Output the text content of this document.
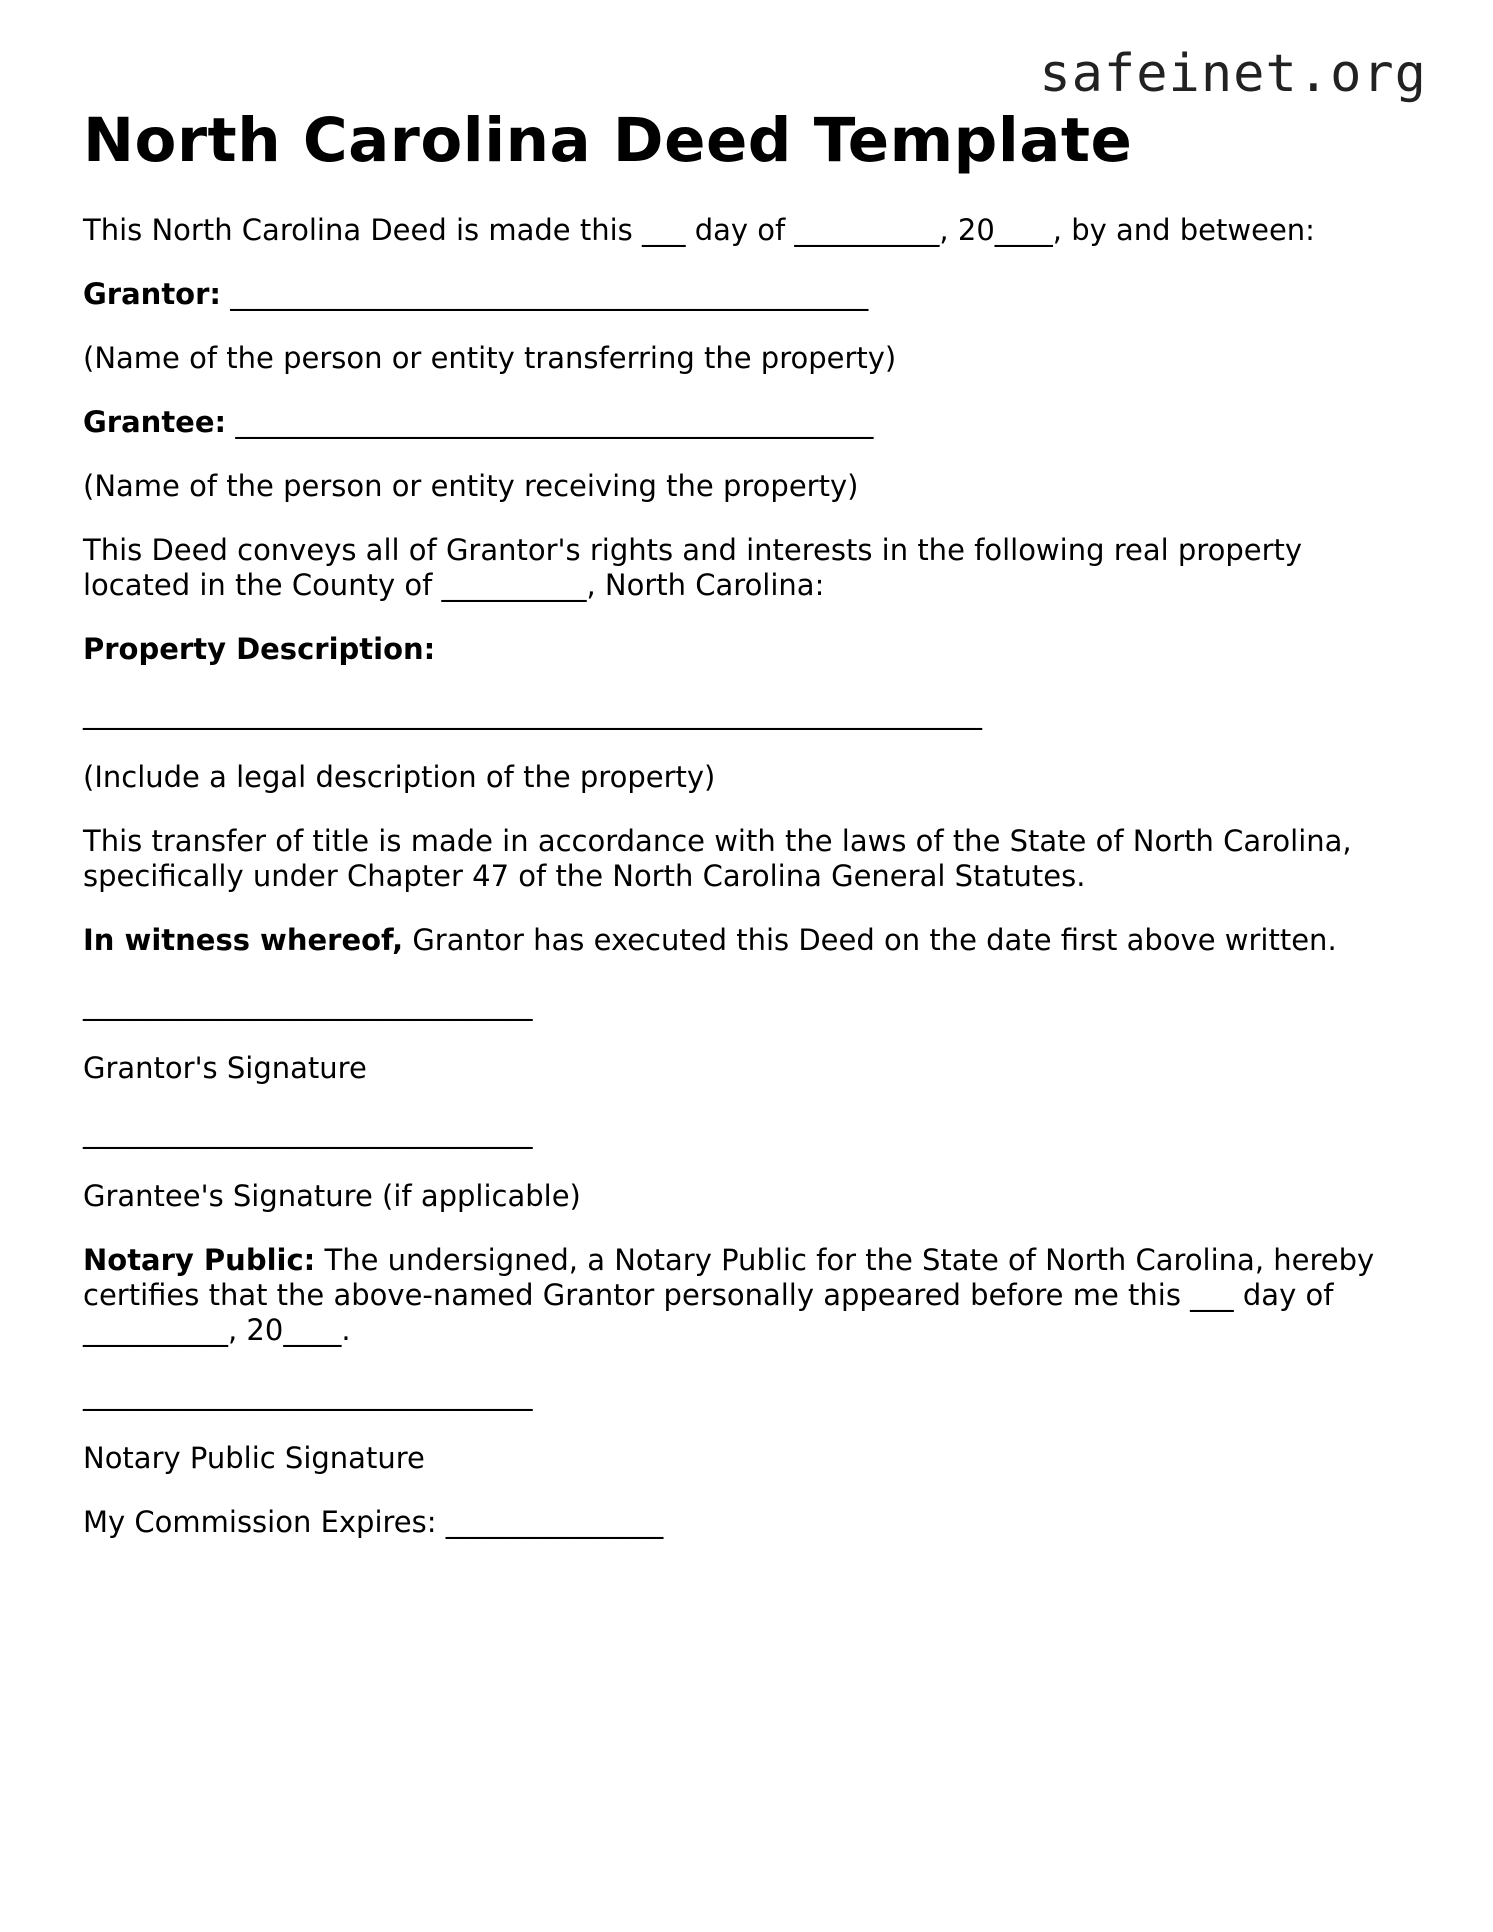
safeinet.org
North Carolina Deed Template

This North Carolina Deed is made this ___ day of __________, 20____, by and between:

Grantor: ____________________________________________

(Name of the person or entity transferring the property)

Grantee: ____________________________________________

(Name of the person or entity receiving the property)

This Deed conveys all of Grantor's rights and interests in the following real property located in the County of __________, North Carolina:

Property Description:

______________________________________________________________

(Include a legal description of the property)

This transfer of title is made in accordance with the laws of the State of North Carolina, specifically under Chapter 47 of the North Carolina General Statutes.

In witness whereof, Grantor has executed this Deed on the date first above written.

_______________________________

Grantor's Signature

_______________________________

Grantee's Signature (if applicable)

Notary Public: The undersigned, a Notary Public for the State of North Carolina, hereby certifies that the above-named Grantor personally appeared before me this ___ day of __________, 20____.

_______________________________

Notary Public Signature

My Commission Expires: _______________
